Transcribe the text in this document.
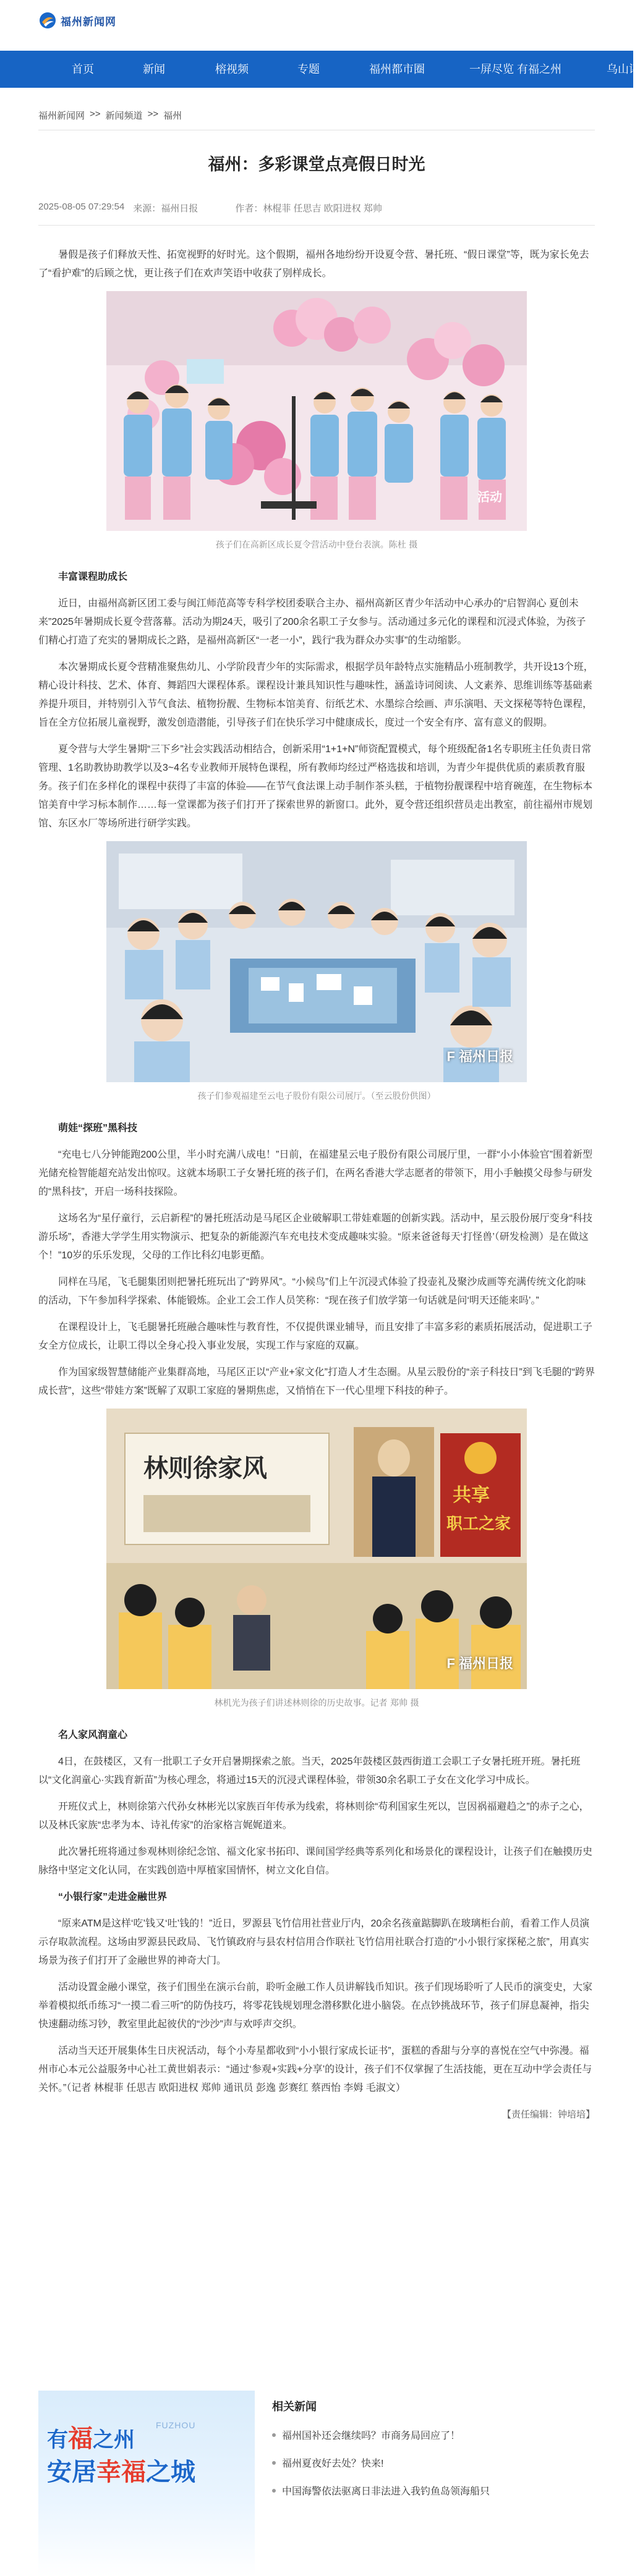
福州新闻网
首页	新闻	榕视频	专题	福州都市圈	一屏尽览 有福之州	乌山评
福州新闻网 >> 新闻频道 >> 福州
福州：多彩课堂点亮假日时光
2025-08-05 07:29:54 来源：福州日报	作者：林棍菲 任思吉 欧阳进权 郑帅

暑假是孩子们释放天性、拓宽视野的好时光。这个假期，福州各地纷纷开设夏令营、暑托班、“假日课堂”等，既为家长免去了“看护难”的后顾之忧，更让孩子们在欢声笑语中收获了别样成长。

活动
孩子们在高新区成长夏令营活动中登台表演。陈杜 摄
丰富课程助成长

近日，由福州高新区团工委与闽江师范高等专科学校团委联合主办、福州高新区青少年活动中心承办的“启智润心 夏创未来”2025年暑期成长夏令营落幕。活动为期24天，吸引了200余名职工子女参与。活动通过多元化的课程和沉浸式体验，为孩子们精心打造了充实的暑期成长之路，是福州高新区“一老一小”，践行“我为群众办实事”的生动缩影。

本次暑期成长夏令营精准聚焦幼儿、小学阶段青少年的实际需求，根据学员年龄特点实施精品小班制教学，共开设13个班，精心设计科技、艺术、体育、舞蹈四大课程体系。课程设计兼具知识性与趣味性，涵盖诗词阅读、人文素养、思维训练等基础素养提升项目，并特别引入节气食法、植物扮靓、生物标本馆美育、衍纸艺术、水墨综合绘画、声乐演唱、天文探秘等特色课程，旨在全方位拓展儿童视野，激发创造潜能，引导孩子们在快乐学习中健康成长，度过一个安全有序、富有意义的假期。

夏令营与大学生暑期“三下乡”社会实践活动相结合，创新采用“1+1+N”师资配置模式，每个班级配备1名专职班主任负责日常管理、1名助教协助教学以及3~4名专业教师开展特色课程，所有教师均经过严格选拔和培训，为青少年提供优质的素质教育服务。孩子们在多样化的课程中获得了丰富的体验——在节气食法课上动手制作茶头糕，于植物扮靓课程中培育碗莲，在生物标本馆美育中学习标本制作……每一堂课都为孩子们打开了探索世界的新窗口。此外，夏令营还组织营员走出教室，前往福州市规划馆、东区水厂等场所进行研学实践。

F 福州日报
孩子们参观福建至云电子股份有限公司展厅。（至云股份供图）
萌娃“探班”黑科技

“充电七八分钟能跑200公里，半小时充满八成电！”日前，在福建星云电子股份有限公司展厅里，一群“小小体验官”围着新型光储充检智能超充站发出惊叹。这就本场职工子女暑托班的孩子们，在两名香港大学志愿者的带领下，用小手触摸父母参与研发的“黑科技”，开启一场科技探险。

这场名为“星仔童行，云启新程”的暑托班活动是马尾区企业破解职工带娃难题的创新实践。活动中，星云股份展厅变身“科技游乐场”，香港大学学生用实物演示、把复杂的新能源汽车充电技术变成趣味实验。“原来爸爸每天‘打怪兽’（研发检测）是在做这个！”10岁的乐乐发现，父母的工作比科幻电影更酷。

同样在马尾，飞毛腿集团则把暑托班玩出了“跨界风”。“小候鸟”们上午沉浸式体验了投壶礼及聚沙成画等充满传统文化韵味的活动，下午参加科学探索、体能锻炼。企业工会工作人员笑称：“现在孩子们放学第一句话就是问‘明天还能来吗’。”

在课程设计上，飞毛腿暑托班融合趣味性与教育性，不仅提供课业辅导，而且安排了丰富多彩的素质拓展活动，促进职工子女全方位成长，让职工得以全身心投入事业发展，实现工作与家庭的双赢。

作为国家级智慧储能产业集群高地，马尾区正以“产业+家文化”打造人才生态圈。从星云股份的“亲子科技日”到飞毛腿的“跨界成长营”，这些“带娃方案”既解了双职工家庭的暑期焦虑，又悄悄在下一代心里埋下科技的种子。

林则徐家风
共享
职工之家
F 福州日报
林机光为孩子们讲述林则徐的历史故事。记者 郑帅 摄
名人家风润童心

4日，在鼓楼区，又有一批职工子女开启暑期探索之旅。当天，2025年鼓楼区鼓西街道工会职工子女暑托班开班。暑托班以“文化润童心·实践育新苗”为核心理念，将通过15天的沉浸式课程体验，带领30余名职工子女在文化学习中成长。

开班仪式上，林则徐第六代孙女林彬光以家族百年传承为线索，将林则徐“苟利国家生死以，岂因祸福避趋之”的赤子之心，以及林氏家族“忠孝为本、诗礼传家”的治家格言娓娓道来。

此次暑托班将通过参观林则徐纪念馆、福文化家书拓印、课间国学经典等系列化和场景化的课程设计，让孩子们在触摸历史脉络中坚定文化认同，在实践创造中厚植家国情怀，树立文化自信。

“小银行家”走进金融世界

“原来ATM是这样‘吃’钱又‘吐’钱的！”近日，罗源县飞竹信用社营业厅内，20余名孩童踮脚趴在玻璃柜台前，看着工作人员演示存取款流程。这场由罗源县民政局、飞竹镇政府与县农村信用合作联社飞竹信用社联合打造的“小小银行家探秘之旅”，用真实场景为孩子们打开了金融世界的神奇大门。

活动设置金融小课堂，孩子们围坐在演示台前，聆听金融工作人员讲解钱币知识。孩子们现场聆听了人民币的演变史，大家举着模拟纸币练习“一摸二看三听”的防伪技巧，将零花钱规划理念潜移默化进小脑袋。在点钞挑战环节，孩子们屏息凝神，指尖快速翻动练习钞，教室里此起彼伏的“沙沙”声与欢呼声交织。

活动当天还开展集体生日庆祝活动，每个小寿星都收到“小小银行家成长证书”，蛋糕的香甜与分享的喜悦在空气中弥漫。福州市心本元公益服务中心社工黄世娟表示：“通过‘参观+实践+分享’的设计，孩子们不仅掌握了生活技能，更在互动中学会责任与关怀。”（记者 林棍菲 任思吉 欧阳进权 郑帅 通讯员 彭逸 彭赛红 蔡西怡 李姆 毛淑文）

【责任编辑：钟培培】
有福之州
FUZHOU
安居幸福之城
相关新闻
福州国补还会继续吗？市商务局回应了！
福州夏夜好去处？快来!
中国海警依法驱离日非法进入我钓鱼岛领海船只
